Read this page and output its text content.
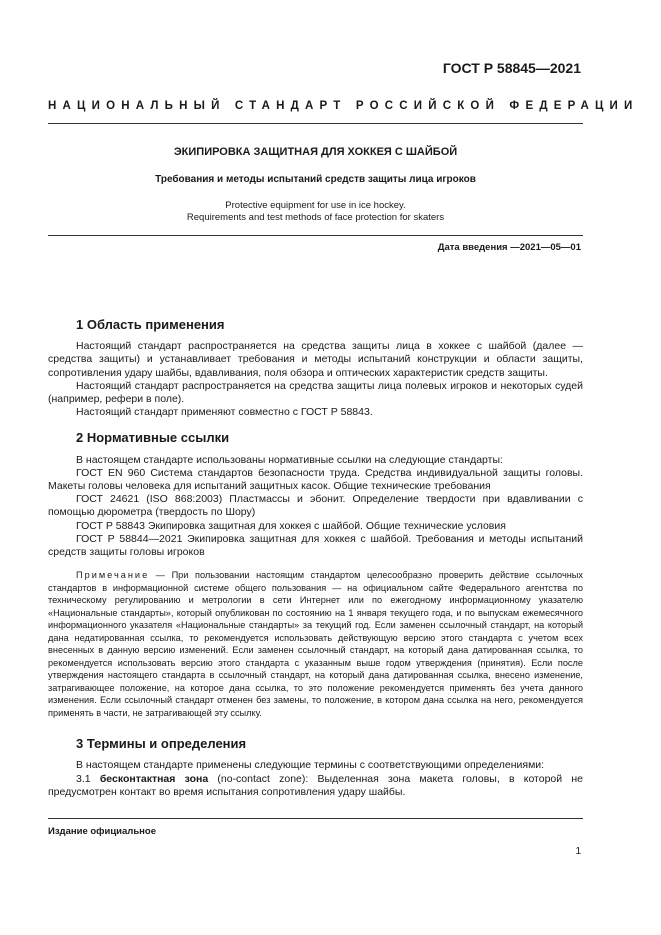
ГОСТ Р 58845—2021
НАЦИОНАЛЬНЫЙ СТАНДАРТ РОССИЙСКОЙ ФЕДЕРАЦИИ
ЭКИПИРОВКА ЗАЩИТНАЯ ДЛЯ ХОККЕЯ С ШАЙБОЙ
Требования и методы испытаний средств защиты лица игроков
Protective equipment for use in ice hockey.
Requirements and test methods of face protection for skaters
Дата введения —2021—05—01
1 Область применения

Настоящий стандарт распространяется на средства защиты лица в хоккее с шайбой (далее — средства защиты) и устанавливает требования и методы испытаний конструкции и области защиты, сопротивления удару шайбы, вдавливания, поля обзора и оптических характеристик средств защиты.

Настоящий стандарт распространяется на средства защиты лица полевых игроков и некоторых судей (например, рефери в поле).

Настоящий стандарт применяют совместно с ГОСТ Р 58843.

2 Нормативные ссылки

В настоящем стандарте использованы нормативные ссылки на следующие стандарты:

ГОСТ EN 960 Система стандартов безопасности труда. Средства индивидуальной защиты головы. Макеты головы человека для испытаний защитных касок. Общие технические требования

ГОСТ 24621 (ISO 868:2003) Пластмассы и эбонит. Определение твердости при вдавливании с помощью дюрометра (твердость по Шору)

ГОСТ Р 58843 Экипировка защитная для хоккея с шайбой. Общие технические условия

ГОСТ Р 58844—2021 Экипировка защитная для хоккея с шайбой. Требования и методы испытаний средств защиты головы игроков

Примечание — При пользовании настоящим стандартом целесообразно проверить действие ссылочных стандартов в информационной системе общего пользования — на официальном сайте Федерального агентства по техническому регулированию и метрологии в сети Интернет или по ежегодному информационному указателю «Национальные стандарты», который опубликован по состоянию на 1 января текущего года, и по выпускам ежемесячного информационного указателя «Национальные стандарты» за текущий год. Если заменен ссылочный стандарт, на который дана недатированная ссылка, то рекомендуется использовать действующую версию этого стандарта с учетом всех внесенных в данную версию изменений. Если заменен ссылочный стандарт, на который дана датированная ссылка, то рекомендуется использовать версию этого стандарта с указанным выше годом утверждения (принятия). Если после утверждения настоящего стандарта в ссылочный стандарт, на который дана датированная ссылка, внесено изменение, затрагивающее положение, на которое дана ссылка, то это положение рекомендуется применять без учета данного изменения. Если ссылочный стандарт отменен без замены, то положение, в котором дана ссылка на него, рекомендуется применять в части, не затрагивающей эту ссылку.

3 Термины и определения

В настоящем стандарте применены следующие термины с соответствующими определениями:

3.1 бесконтактная зона (no-contact zone): Выделенная зона макета головы, в которой не предусмотрен контакт во время испытания сопротивления удару шайбы.

Издание официальное
1
